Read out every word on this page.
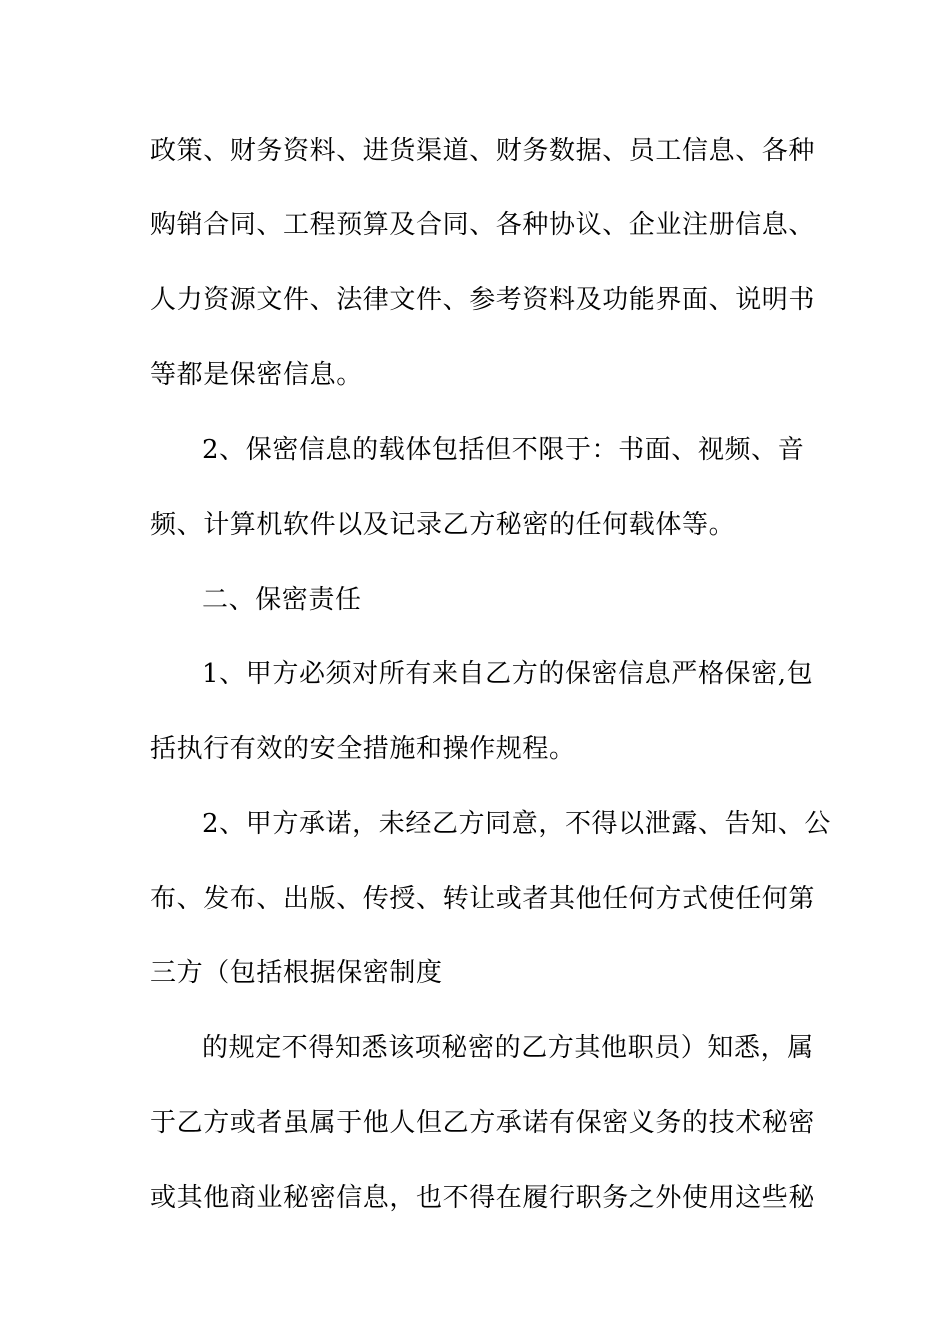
政策、财务资料、进货渠道、财务数据、员工信息、各种
购销合同、工程预算及合同、各种协议、企业注册信息、
人力资源文件、法律文件、参考资料及功能界面、说明书
等都是保密信息。
2、保密信息的载体包括但不限于：书面、视频、音
频、计算机软件以及记录乙方秘密的任何载体等。
二、保密责任
1、甲方必须对所有来自乙方的保密信息严格保密,包
括执行有效的安全措施和操作规程。
2、甲方承诺，未经乙方同意，不得以泄露、告知、公
布、发布、出版、传授、转让或者其他任何方式使任何第
三方（包括根据保密制度
的规定不得知悉该项秘密的乙方其他职员）知悉，属
于乙方或者虽属于他人但乙方承诺有保密义务的技术秘密
或其他商业秘密信息，也不得在履行职务之外使用这些秘
